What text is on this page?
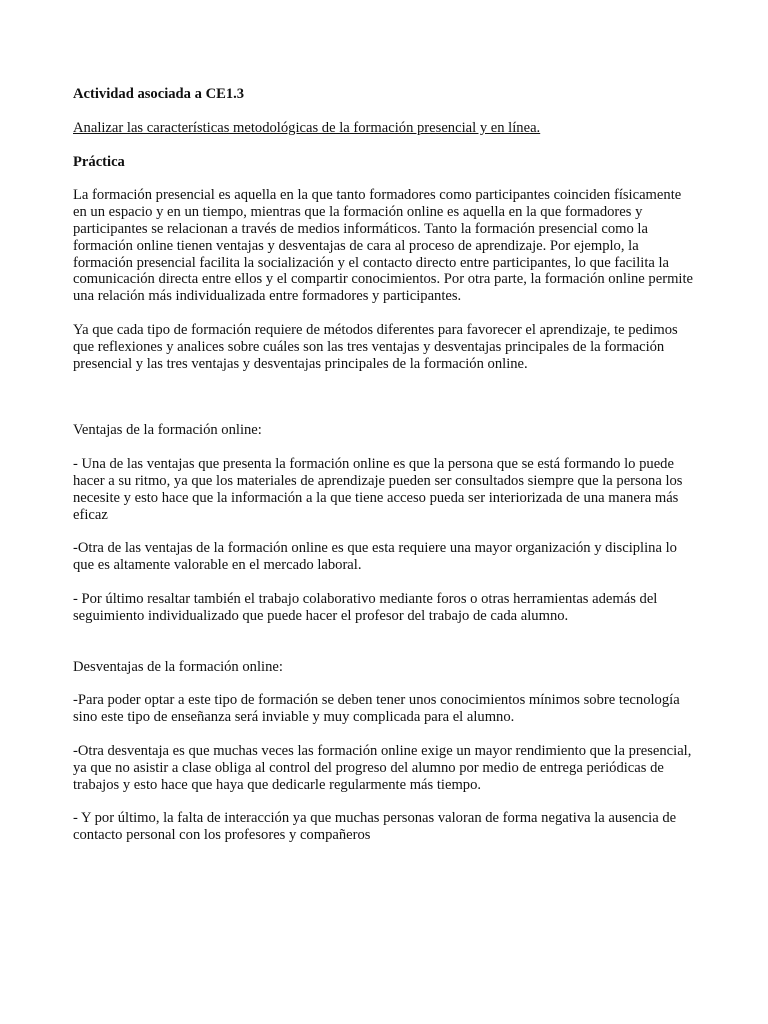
Actividad asociada a CE1.3

Analizar las características metodológicas de la formación presencial y en línea.

Práctica

La formación presencial es aquella en la que tanto formadores como participantes coinciden físicamente en un espacio y en un tiempo, mientras que la formación online es aquella en la que formadores y participantes se relacionan a través de medios informáticos. Tanto la formación presencial como la formación online tienen ventajas y desventajas de cara al proceso de aprendizaje. Por ejemplo, la formación presencial facilita la socialización y el contacto directo entre participantes, lo que facilita la comunicación directa entre ellos y el compartir conocimientos. Por otra parte, la formación online permite una relación más individualizada entre formadores y participantes.

Ya que cada tipo de formación requiere de métodos diferentes para favorecer el aprendizaje, te pedimos que reflexiones y analices sobre cuáles son las tres ventajas y desventajas principales de la formación presencial y las tres ventajas y desventajas principales de la formación online.

Ventajas de la formación online:

- Una de las ventajas que presenta la formación online es que la persona que se está formando lo puede hacer a su ritmo, ya que los materiales de aprendizaje pueden ser consultados siempre que la persona los necesite y esto hace que la información a la que tiene acceso pueda ser interiorizada de una manera más eficaz

-Otra de las ventajas de la formación online es que esta requiere una mayor organización y disciplina lo que es altamente valorable en el mercado laboral.

- Por último resaltar también el trabajo colaborativo mediante foros o otras herramientas además del seguimiento individualizado que puede hacer el profesor del trabajo de cada alumno.

Desventajas de la formación online:

-Para poder optar a este tipo de formación se deben tener unos conocimientos mínimos sobre tecnología sino este tipo de enseñanza será inviable y muy complicada para el alumno.

-Otra desventaja es que muchas veces las formación online exige un mayor rendimiento que la presencial, ya que no asistir a clase obliga al control del progreso del alumno por medio de entrega periódicas de trabajos y esto hace que haya que dedicarle regularmente más tiempo.

- Y por último, la falta de interacción ya que muchas personas valoran de forma negativa la ausencia de contacto personal con los profesores y compañeros
